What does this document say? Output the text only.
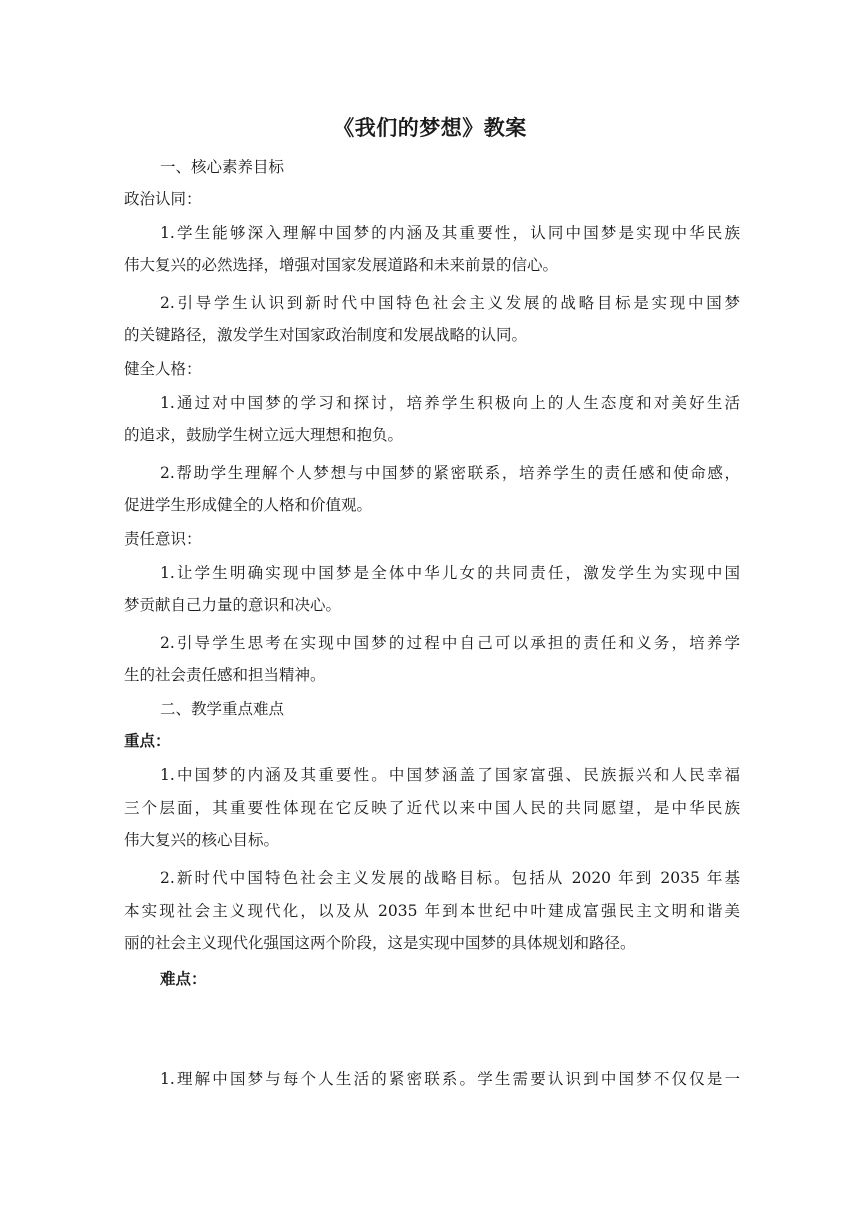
《我们的梦想》教案
一、核心素养目标
政治认同：
1.学生能够深入理解中国梦的内涵及其重要性，认同中国梦是实现中华民族
伟大复兴的必然选择，增强对国家发展道路和未来前景的信心。
2.引导学生认识到新时代中国特色社会主义发展的战略目标是实现中国梦
的关键路径，激发学生对国家政治制度和发展战略的认同。
健全人格：
1.通过对中国梦的学习和探讨，培养学生积极向上的人生态度和对美好生活
的追求，鼓励学生树立远大理想和抱负。
2.帮助学生理解个人梦想与中国梦的紧密联系，培养学生的责任感和使命感，
促进学生形成健全的人格和价值观。
责任意识：
1.让学生明确实现中国梦是全体中华儿女的共同责任，激发学生为实现中国
梦贡献自己力量的意识和决心。
2.引导学生思考在实现中国梦的过程中自己可以承担的责任和义务，培养学
生的社会责任感和担当精神。
二、教学重点难点
重点：
1.中国梦的内涵及其重要性。中国梦涵盖了国家富强、民族振兴和人民幸福
三个层面，其重要性体现在它反映了近代以来中国人民的共同愿望，是中华民族
伟大复兴的核心目标。
2.新时代中国特色社会主义发展的战略目标。包括从 2020 年到 2035 年基
本实现社会主义现代化，以及从 2035 年到本世纪中叶建成富强民主文明和谐美
丽的社会主义现代化强国这两个阶段，这是实现中国梦的具体规划和路径。
难点：
1.理解中国梦与每个人生活的紧密联系。学生需要认识到中国梦不仅仅是一
